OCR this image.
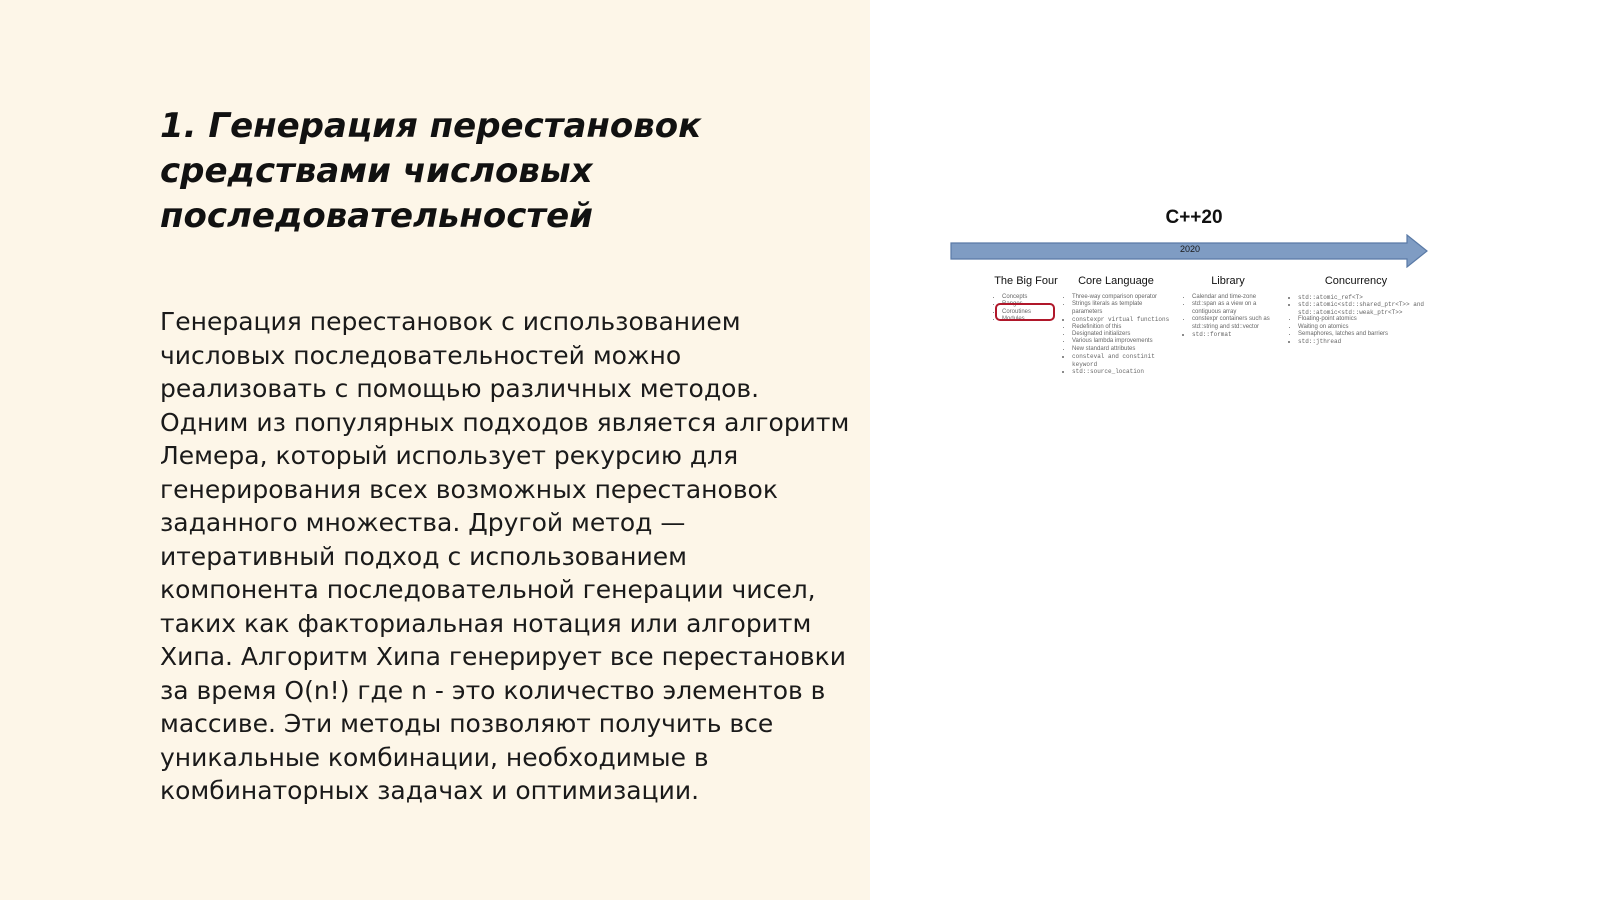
1. Генерация перестановок средствами числовых последовательностей

Генерация перестановок с использованием числовых последовательностей можно реализовать с помощью различных методов. Одним из популярных подходов является алгоритм Лемера, который использует рекурсию для генерирования всех возможных перестановок заданного множества. Другой метод — итеративный подход с использованием компонента последовательной генерации чисел, таких как факториальная нотация или алгоритм Хипа. Алгоритм Хипа генерирует все перестановки за время O(n!) где n - это количество элементов в массиве. Эти методы позволяют получить все уникальные комбинации, необходимые в комбинаторных задачах и оптимизации.

C++20
2020
The Big Four
• Concepts
• Ranges
• Coroutines
• Modules
Core Language
• Three-way comparison operator
• Strings literals as template parameters
• constexpr virtual functions
• Redefinition of this
• Designated initializers
• Various lambda improvements
• New standard attributes
• consteval and constinit keyword
• std::source_location
Library
• Calendar and time-zone
• std::span as a view on a contiguous array
• constexpr containers such as std::string and std::vector
• std::format
Concurrency
• std::atomic_ref<T>
• std::atomic<std::shared_ptr<T>> and std::atomic<std::weak_ptr<T>>
• Floating-point atomics
• Waiting on atomics
• Semaphores, latches and barriers
• std::jthread
